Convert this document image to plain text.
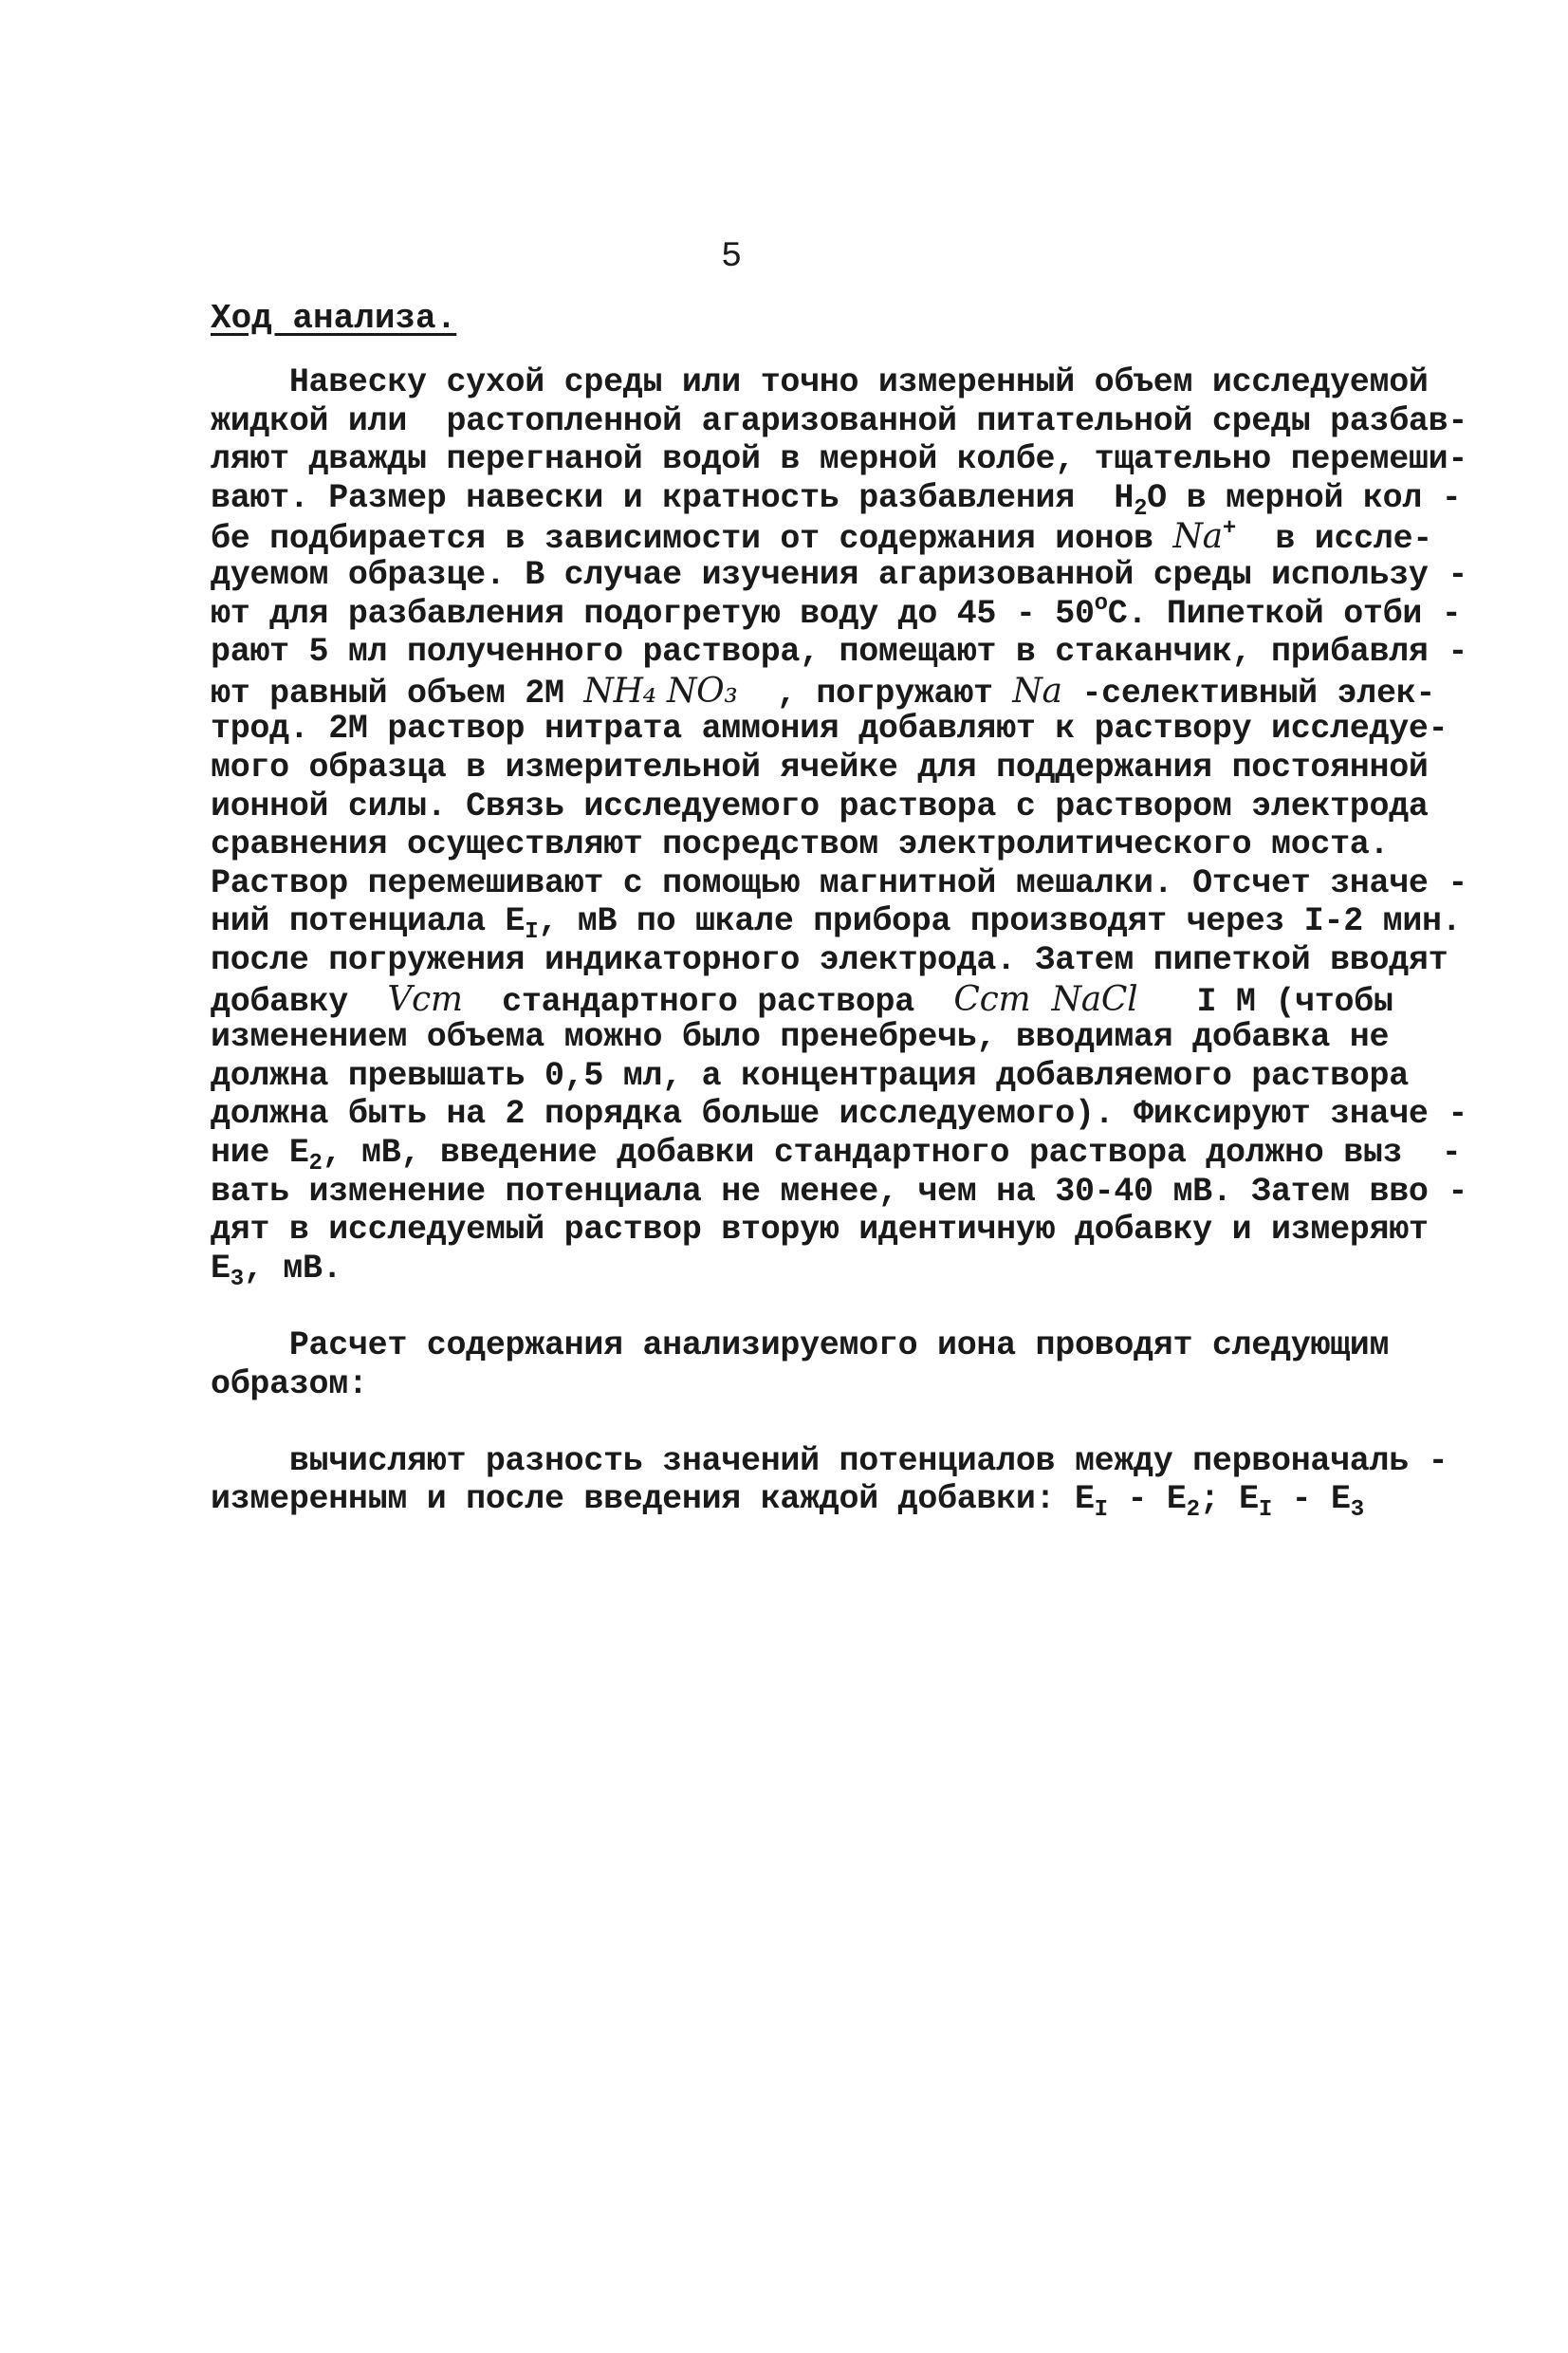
5
Ход анализа.
Навеску сухой среды или точно измеренный объем исследуемой
жидкой или  растопленной агаризованной питательной среды разбав-
ляют дважды перегнаной водой в мерной колбе, тщательно перемеши-
вают. Размер навески и кратность разбавления  $H_2O$ в мерной кол -
бе подбирается в зависимости от содержания ионов Na+  в иссле-
дуемом образце. В случае изучения агаризованной среды использу -
ют для разбавления подогретую воду до 45 - 50$^o$C. Пипеткой отби -
рают 5 мл полученного раствора, помещают в стаканчик, прибавля -
ют равный объем 2М NH₄ NO₃  , погружают Na -селективный элек-
трод. 2М раствор нитрата аммония добавляют к раствору исследуе-
мого образца в измерительной ячейке для поддержания постоянной
ионной силы. Связь исследуемого раствора с раствором электрода
сравнения осуществляют посредством электролитического моста.
Раствор перемешивают с помощью магнитной мешалки. Отсчет значе -
ний потенциала $E_I$, мВ по шкале прибора производят через I-2 мин.
после погружения индикаторного электрода. Затем пипеткой вводят
добавку  Vст  стандартного раствора  Cст  NaCl   I М (чтобы
изменением объема можно было пренебречь, вводимая добавка не
должна превышать 0,5 мл, а концентрация добавляемого раствора
должна быть на 2 порядка больше исследуемого). Фиксируют значе -
ние $E_2$, мВ, введение добавки стандартного раствора должно выз  -
вать изменение потенциала не менее, чем на 30-40 мВ. Затем вво -
дят в исследуемый раствор вторую идентичную добавку и измеряют
$E_3$, мВ.
Расчет содержания анализируемого иона проводят следующим
образом:
вычисляют разность значений потенциалов между первоначаль -
измеренным и после введения каждой добавки: $E_I - E_2$; $E_I - E_3$
